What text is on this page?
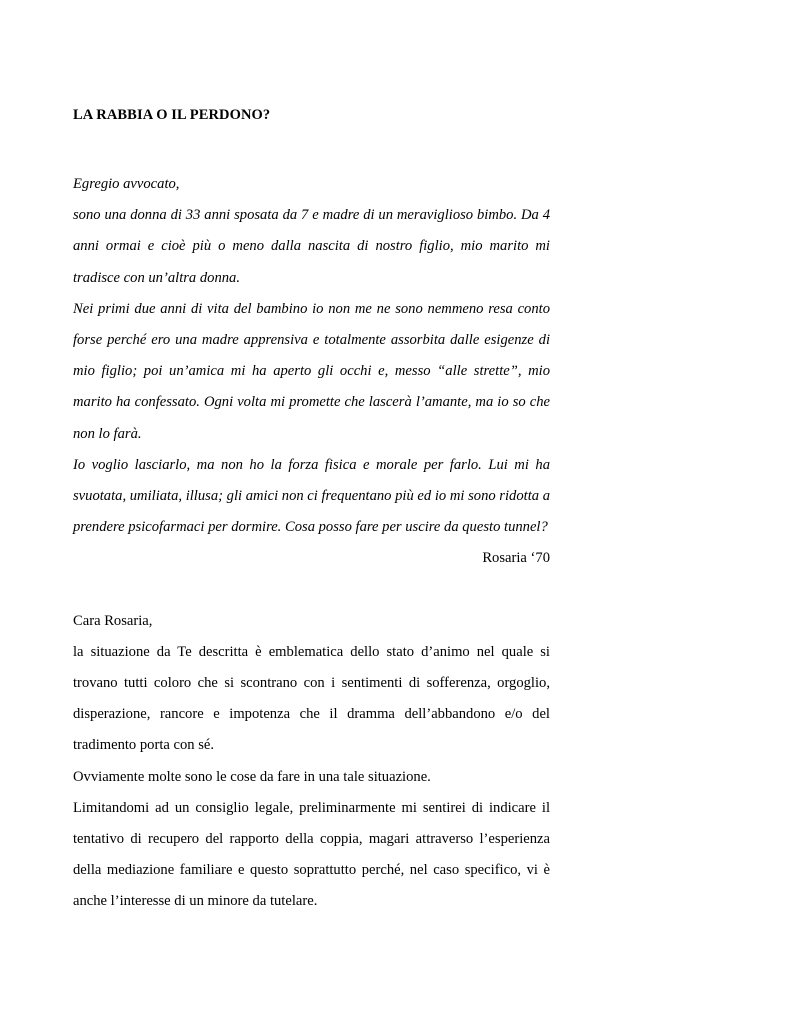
LA RABBIA O IL PERDONO?

Egregio avvocato,

sono una donna di 33 anni sposata da 7 e madre di un meraviglioso bimbo. Da 4 anni ormai e cioè più o meno dalla nascita di nostro figlio, mio marito mi tradisce con un’altra donna.

Nei primi due anni di vita del bambino io non me ne sono nemmeno resa conto forse perché ero una madre apprensiva e totalmente assorbita dalle esigenze di mio figlio; poi un’amica mi ha aperto gli occhi e, messo “alle strette”, mio marito ha confessato. Ogni volta mi promette che lascerà l’amante, ma io so che non lo farà.

Io voglio lasciarlo, ma non ho la forza fisica e morale per farlo. Lui mi ha svuotata, umiliata, illusa; gli amici non ci frequentano più ed io mi sono ridotta a prendere psicofarmaci per dormire. Cosa posso fare per uscire da questo tunnel?

Rosaria ‘70

Cara Rosaria,

la situazione da Te descritta è emblematica dello stato d’animo nel quale si trovano tutti coloro che si scontrano con i sentimenti di sofferenza, orgoglio, disperazione, rancore e impotenza che il dramma dell’abbandono e/o del tradimento porta con sé.

Ovviamente molte sono le cose da fare in una tale situazione.

Limitandomi ad un consiglio legale, preliminarmente mi sentirei di indicare il tentativo di recupero del rapporto della coppia, magari attraverso l’esperienza della mediazione familiare e questo soprattutto perché, nel caso specifico, vi è anche l’interesse di un minore da tutelare.
